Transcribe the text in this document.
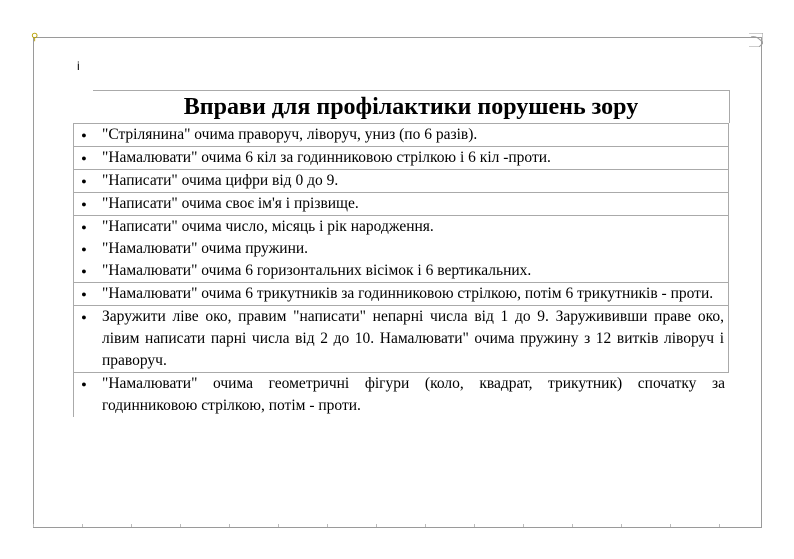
⚲
i
Вправи для профілактики порушень зору
● "Стрілянина" очима праворуч, ліворуч, униз (по 6 разів).
● "Намалювати" очима 6 кіл за годинниковою стрілкою і 6 кіл -проти.
● "Написати" очима цифри від 0 до 9.
● "Написати" очима своє ім'я і прізвище.
● "Написати" очима число, місяць і рік народження.
● "Намалювати" очима пружини.
● "Намалювати" очима 6 горизонтальних вісімок і 6 вертикальних.
● "Намалювати" очима 6 трикутників за годинниковою стрілкою, потім 6 трикутників - проти.
● Заружити ліве око, правим "написати" непарні числа від 1 до 9. Заружививши праве око, лівим написати парні числа від 2 до 10. Намалювати" очима пружину з 12 витків ліворуч і праворуч.
● "Намалювати" очима геометричні фігури (коло, квадрат, трикутник) спочатку за годинниковою стрілкою, потім - проти.
